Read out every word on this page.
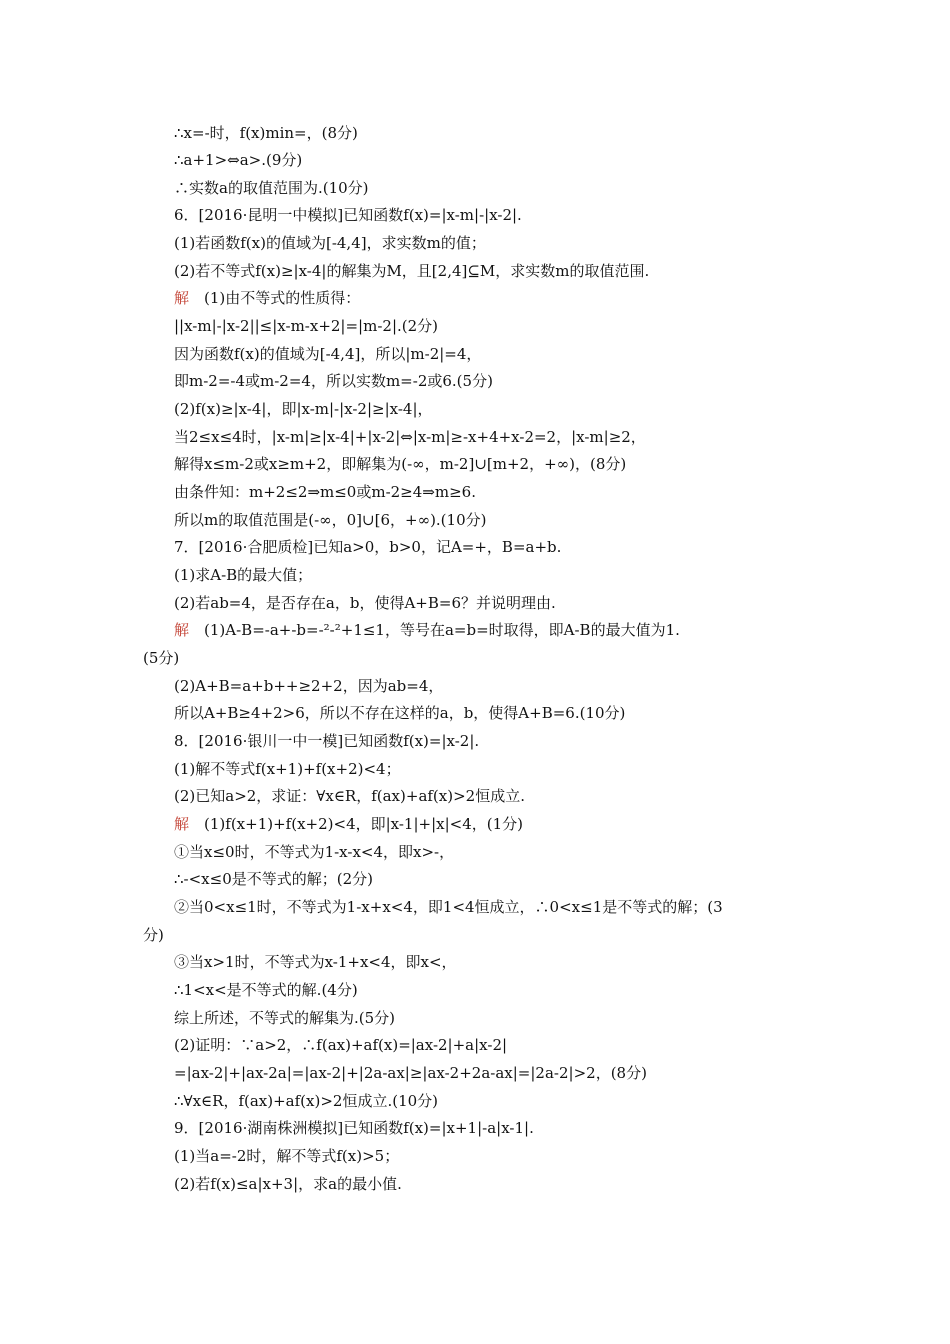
∴x=-时，f(x)min=，(8分)
∴a+1>⇔a>.(9分)
∴实数a的取值范围为.(10分)
6．[2016·昆明一中模拟]已知函数f(x)=|x-m|-|x-2|.
(1)若函数f(x)的值域为[-4,4]，求实数m的值；
(2)若不等式f(x)≥|x-4|的解集为M，且[2,4]⊆M，求实数m的取值范围.
解　 (1)由不等式的性质得：
||x-m|-|x-2||≤|x-m-x+2|=|m-2|.(2分)
因为函数f(x)的值域为[-4,4]，所以|m-2|=4，
即m-2=-4或m-2=4，所以实数m=-2或6.(5分)
(2)f(x)≥|x-4|，即|x-m|-|x-2|≥|x-4|，
当2≤x≤4时，|x-m|≥|x-4|+|x-2|⇔|x-m|≥-x+4+x-2=2，|x-m|≥2，
解得x≤m-2或x≥m+2，即解集为(-∞，m-2]∪[m+2，+∞)，(8分)
由条件知：m+2≤2⇒m≤0或m-2≥4⇒m≥6.
所以m的取值范围是(-∞，0]∪[6，+∞).(10分)
7．[2016·合肥质检]已知a>0，b>0，记A=+，B=a+b.
(1)求A-B的最大值；
(2)若ab=4，是否存在a，b，使得A+B=6？并说明理由.
解　 (1)A-B=-a+-b=-²-²+1≤1，等号在a=b=时取得，即A-B的最大值为1.
(5分)
(2)A+B=a+b++≥2+2，因为ab=4，
所以A+B≥4+2>6，所以不存在这样的a，b，使得A+B=6.(10分)
8．[2016·银川一中一模]已知函数f(x)=|x-2|.
(1)解不等式f(x+1)+f(x+2)<4；
(2)已知a>2，求证：∀x∈R，f(ax)+af(x)>2恒成立.
解　 (1)f(x+1)+f(x+2)<4，即|x-1|+|x|<4，(1分)
①当x≤0时，不等式为1-x-x<4，即x>-，
∴-<x≤0是不等式的解；(2分)
②当0<x≤1时，不等式为1-x+x<4，即1<4恒成立，∴0<x≤1是不等式的解；(3
分)
③当x>1时，不等式为x-1+x<4，即x<，
∴1<x<是不等式的解.(4分)
综上所述，不等式的解集为.(5分)
(2)证明：∵a>2，∴f(ax)+af(x)=|ax-2|+a|x-2|
=|ax-2|+|ax-2a|=|ax-2|+|2a-ax|≥|ax-2+2a-ax|=|2a-2|>2，(8分)
∴∀x∈R，f(ax)+af(x)>2恒成立.(10分)
9．[2016·湖南株洲模拟]已知函数f(x)=|x+1|-a|x-1|.
(1)当a=-2时，解不等式f(x)>5；
(2)若f(x)≤a|x+3|，求a的最小值.
